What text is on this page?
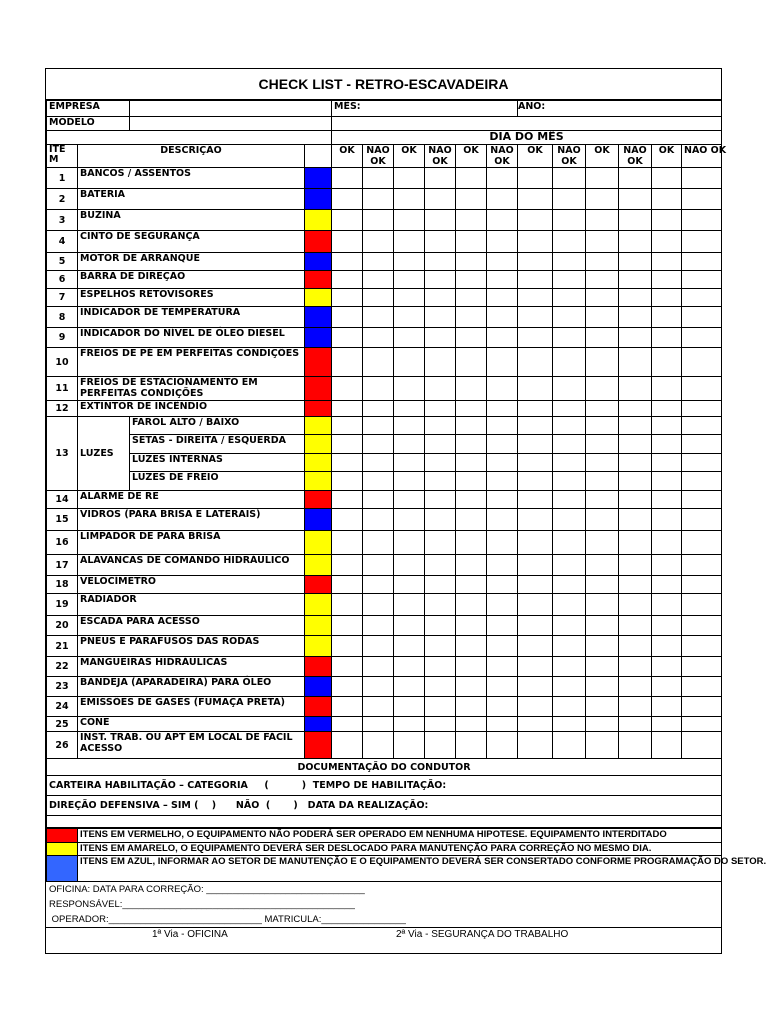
CHECK LIST - RETRO-ESCAVADEIRA
EMPRESA				MÊS:						ANO:					
MODELO															
				DIA DO MÊS											
ITE
M	DESCRIÇÃO			OK	NÃO OK	OK	NÃO OK	OK	NÃO OK	OK	NÃO OK	OK	NÃO OK	OK	NÃO OK
1	BANCOS / ASSENTOS														
2	BATERIA														
3	BUZINA														
4	CINTO DE SEGURANÇA														
5	MOTOR DE ARRANQUE														
6	BARRA DE DIREÇÃO														
7	ESPELHOS RETOVISORES														
8	INDICADOR DE TEMPERATURA														
9	INDICADOR DO NÍVEL DE ÓLEO DIESEL														
10	FREIOS DE PÉ EM PERFEITAS CONDIÇÕES														
11	FREIOS DE ESTACIONAMENTO EM PERFEITAS CONDIÇÕES														
12	EXTINTOR DE INCÊNDIO														
13	LUZES	FAROL ALTO / BAIXO													
		SETAS - DIREITA / ESQUERDA													
		LUZES INTERNAS													
		LUZES DE FREIO													
14	ALARME DE RE														
15	VIDROS (PARA BRISA E LATERAIS)														
16	LIMPADOR DE PARA BRISA														
17	ALAVANCAS DE COMANDO HIDRÁULICO														
18	VELOCÍMETRO														
19	RADIADOR														
20	ESCADA PARA ACESSO														
21	PNEUS E PARAFUSOS DAS RODAS														
22	MANGUEIRAS HIDRÁULICAS														
23	BANDEJA (APARADEIRA) PARA ÓLEO														
24	EMISSÕES DE GASES (FUMAÇA PRETA)														
25	CONE														
26	INST. TRAB. OU APT EM LOCAL DE FÁCIL ACESSO														
DOCUMENTAÇÃO DO CONDUTOR															
CARTEIRA HABILITAÇÃO – CATEGORIA     (          )  TEMPO DE HABILITAÇÃO:															
DIREÇÃO DEFENSIVA – SIM (    )      NÃO  (       )   DATA DA REALIZAÇÃO:															

	ITENS EM VERMELHO, O EQUIPAMENTO NÃO PODERÁ SER OPERADO EM NENHUMA HIPOTESE. EQUIPAMENTO INTERDITADO
	ITENS EM AMARELO, O EQUIPAMENTO DEVERÁ SER DESLOCADO PARA MANUTENÇÃO PARA CORREÇÃO NO MESMO DIA.
	ITENS EM AZUL, INFORMAR AO SETOR DE MANUTENÇÃO E O EQUIPAMENTO DEVERÁ SER CONSERTADO CONFORME PROGRAMAÇÃO DO SETOR.
OFICINA: DATA PARA CORREÇÃO: ______________________________
RESPONSÁVEL:____________________________________________
OPERADOR:_____________________________ MATRICULA:________________
1ª Via - OFICINA	2ª Via - SEGURANÇA DO TRABALHO
